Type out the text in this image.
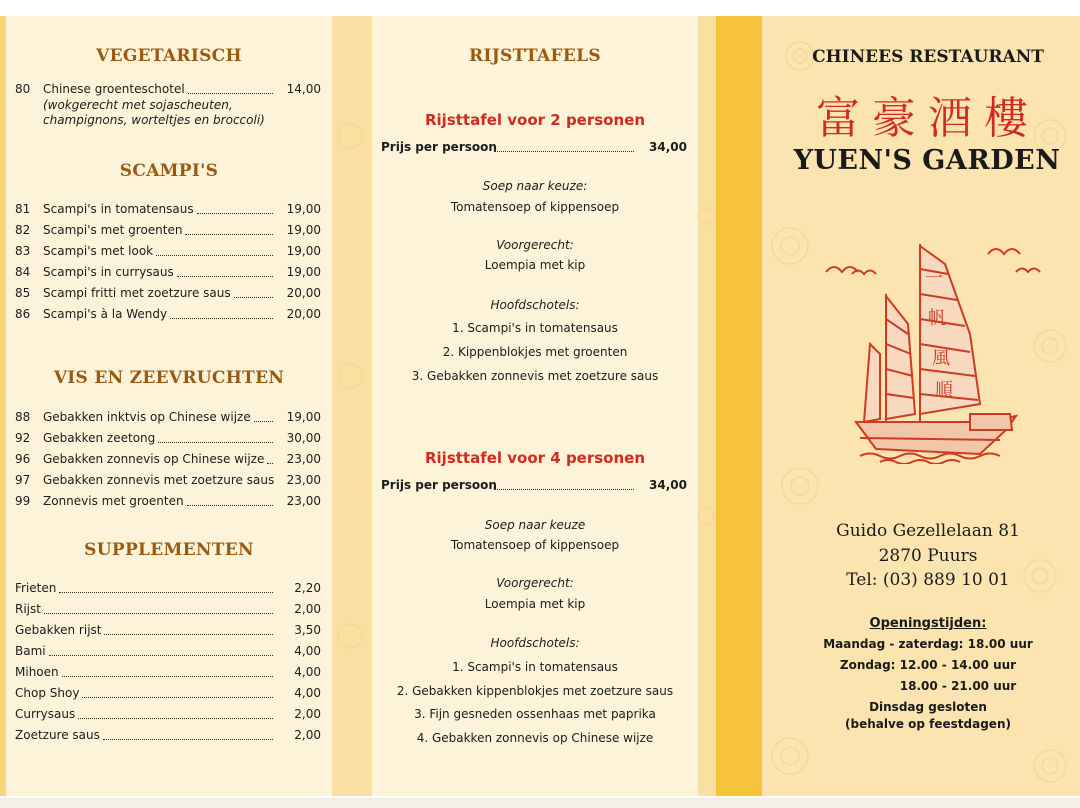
VEGETARISCH
80	Chinese groenteschotel	14,00
(wokgerecht met sojascheuten,
champignons, worteltjes en broccoli)
SCAMPI'S
81	Scampi's in tomatensaus	19,00
82	Scampi's met groenten	19,00
83	Scampi's met look	19,00
84	Scampi's in currysaus	19,00
85	Scampi fritti met zoetzure saus	20,00
86	Scampi's à la Wendy	20,00
VIS EN ZEEVRUCHTEN
88	Gebakken inktvis op Chinese wijze	19,00
92	Gebakken zeetong	30,00
96	Gebakken zonnevis op Chinese wijze	23,00
97	Gebakken zonnevis met zoetzure saus	23,00
99	Zonnevis met groenten	23,00
SUPPLEMENTEN
Frieten	2,20
Rijst	2,00
Gebakken rijst	3,50
Bami	4,00
Mihoen	4,00
Chop Shoy	4,00
Currysaus	2,00
Zoetzure saus	2,00
RIJSTTAFELS
Rijsttafel voor 2 personen
Prijs per persoon	34,00
Soep naar keuze:
Tomatensoep of kippensoep
Voorgerecht:
Loempia met kip
Hoofdschotels:
1. Scampi's in tomatensaus
2. Kippenblokjes met groenten
3. Gebakken zonnevis met zoetzure saus
Rijsttafel voor 4 personen
Prijs per persoon	34,00
Soep naar keuze
Tomatensoep of kippensoep
Voorgerecht:
Loempia met kip
Hoofdschotels:
1. Scampi's in tomatensaus
2. Gebakken kippenblokjes met zoetzure saus
3. Fijn gesneden ossenhaas met paprika
4. Gebakken zonnevis op Chinese wijze
CHINEES RESTAURANT
富豪酒樓
YUEN'S GARDEN
一
帆
風
順
Guido Gezellelaan 81
2870 Puurs
Tel: (03) 889 10 01
Openingstijden:
Maandag - zaterdag: 18.00 uur
Zondag: 12.00 - 14.00 uur
18.00 - 21.00 uur
Dinsdag gesloten
(behalve op feestdagen)
